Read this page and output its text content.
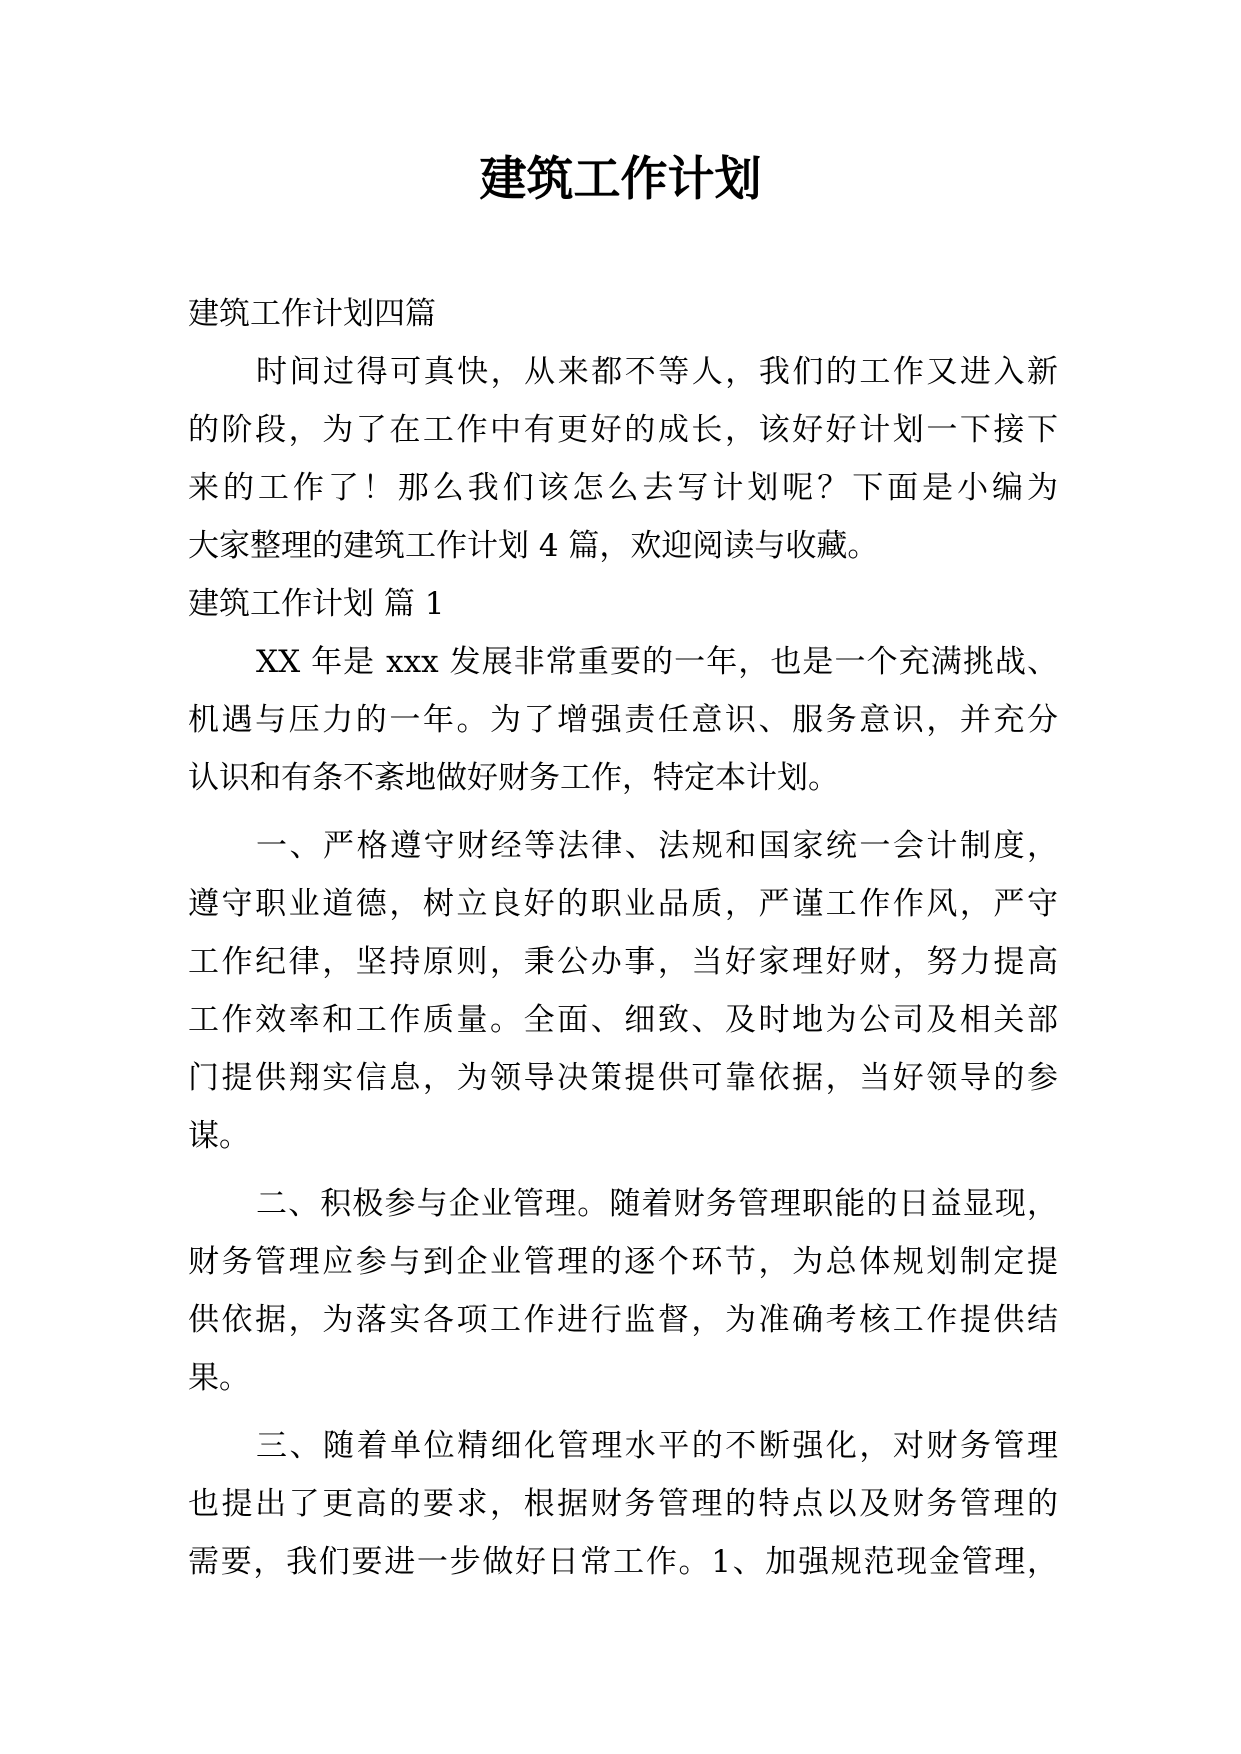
建筑工作计划
建筑工作计划四篇
时间过得可真快，从来都不等人，我们的工作又进入新
的阶段，为了在工作中有更好的成长，该好好计划一下接下
来的工作了！那么我们该怎么去写计划呢？下面是小编为
大家整理的建筑工作计划 4 篇，欢迎阅读与收藏。
建筑工作计划 篇 1
XX 年是 xxx 发展非常重要的一年，也是一个充满挑战、
机遇与压力的一年。为了增强责任意识、服务意识，并充分
认识和有条不紊地做好财务工作，特定本计划。
一、严格遵守财经等法律、法规和国家统一会计制度，
遵守职业道德，树立良好的职业品质，严谨工作作风，严守
工作纪律，坚持原则，秉公办事，当好家理好财，努力提高
工作效率和工作质量。全面、细致、及时地为公司及相关部
门提供翔实信息，为领导决策提供可靠依据，当好领导的参
谋。
二、积极参与企业管理。随着财务管理职能的日益显现，
财务管理应参与到企业管理的逐个环节，为总体规划制定提
供依据，为落实各项工作进行监督，为准确考核工作提供结
果。
三、随着单位精细化管理水平的不断强化，对财务管理
也提出了更高的要求，根据财务管理的特点以及财务管理的
需要，我们要进一步做好日常工作。1、加强规范现金管理，
